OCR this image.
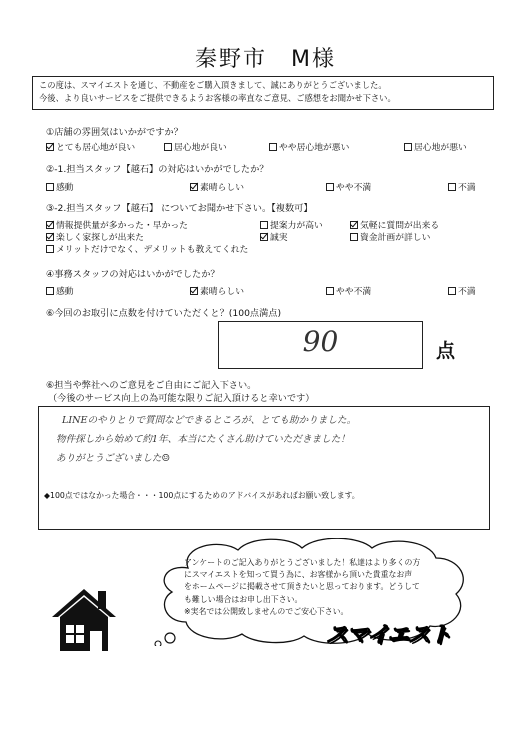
秦野市　M様
この度は、スマイエストを通じ、不動産をご購入頂きまして、誠にありがとうございました。
今後、より良いサービスをご提供できるようお客様の率直なご意見、ご感想をお聞かせ下さい。
①店舗の雰囲気はいかがですか？
とても居心地が良い	居心地が良い	やや居心地が悪い	居心地が悪い
②-1.担当スタッフ【越石】の対応はいかがでしたか？
感動	素晴らしい	やや不満	不満
③-2.担当スタッフ【越石】 についてお聞かせ下さい。【複数可】
情報提供量が多かった・早かった	提案力が高い	気軽に質問が出来る
楽しく家探しが出来た	誠実	資金計画が詳しい
メリットだけでなく、デメリットも教えてくれた
④事務スタッフの対応はいかがでしたか？
感動	素晴らしい	やや不満	不満
⑥今回のお取引に点数を付けていただくと？(100点満点)
90	点
⑥担当や弊社へのご意見をご自由にご記入下さい。
（今後のサービス向上の為可能な限りご記入頂けると幸いです）
LINEのやりとりで質問などできるところが、とても助かりました。
物件探しから始めて約1年、本当にたくさん助けていただきました！
ありがとうございました☺
◆100点ではなかった場合・・・100点にするためのアドバイスがあればお願い致します。
アンケートのご記入ありがとうございました！私達はより多くの方
にスマイエストを知って買う為に、お客様から頂いた貴重なお声
をホームページに掲載させて頂きたいと思っております。どうして
も難しい場合はお申し出下さい。
※実名では公開致しませんのでご安心下さい。
スマイエスト
